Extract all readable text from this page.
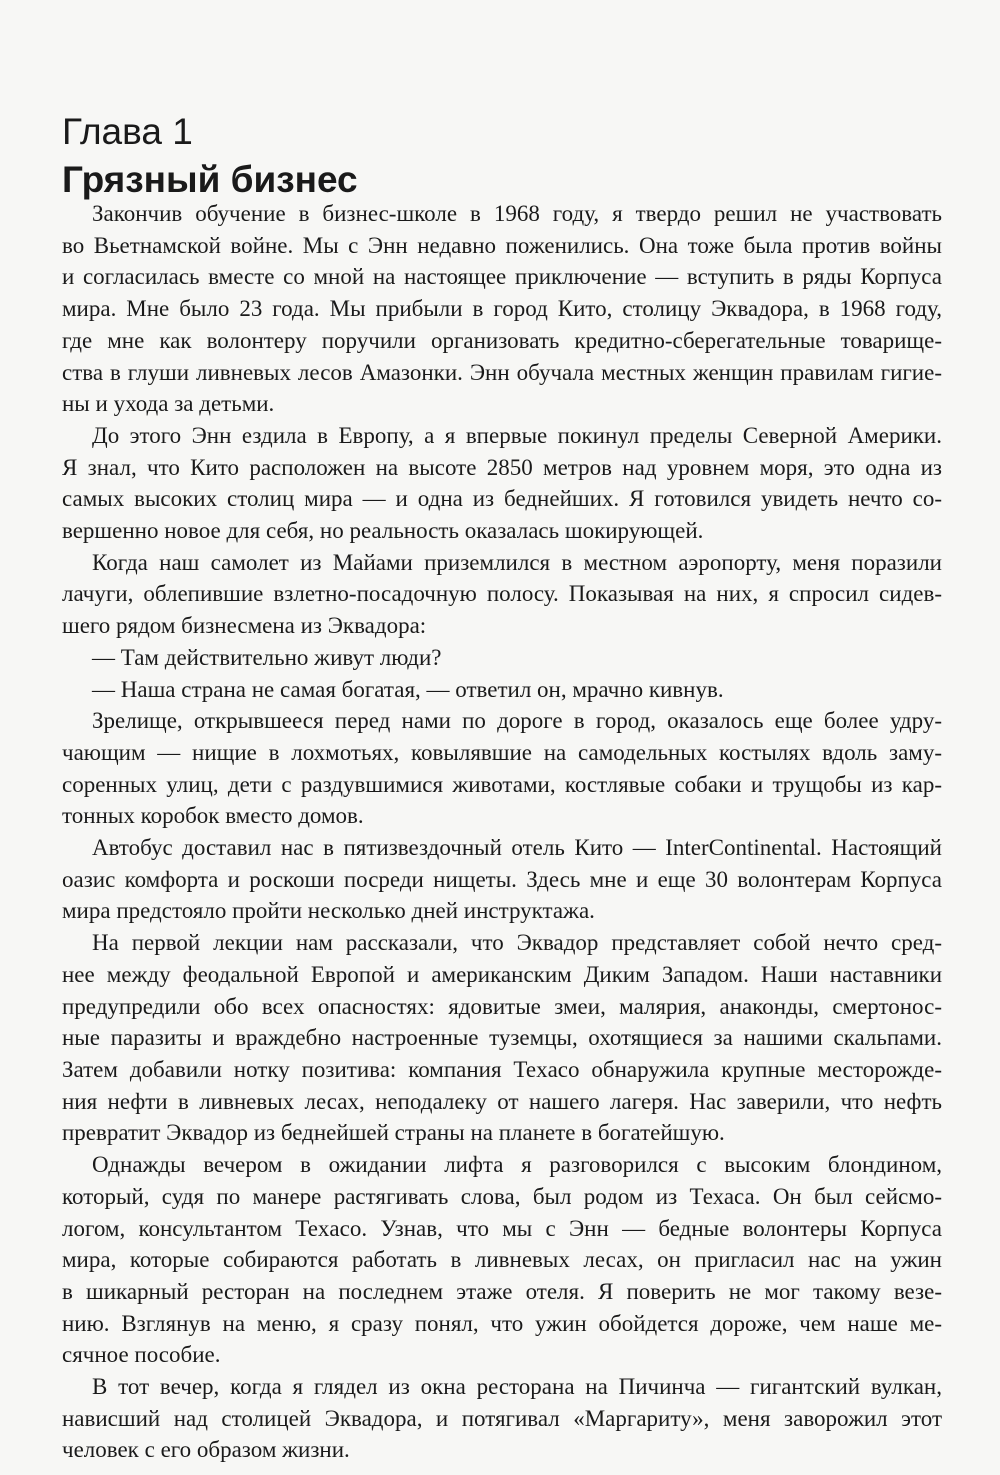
Глава 1
Грязный бизнес
Закончив обучение в бизнес-школе в 1968 году, я твердо решил не участвовать
во Вьетнамской войне. Мы с Энн недавно поженились. Она тоже была против войны
и согласилась вместе со мной на настоящее приключение — вступить в ряды Корпуса
мира. Мне было 23 года. Мы прибыли в город Кито, столицу Эквадора, в 1968 году,
где мне как волонтеру поручили организовать кредитно-сберегательные товарище-
ства в глуши ливневых лесов Амазонки. Энн обучала местных женщин правилам гигие-
ны и ухода за детьми.
До этого Энн ездила в Европу, а я впервые покинул пределы Северной Америки.
Я знал, что Кито расположен на высоте 2850 метров над уровнем моря, это одна из
самых высоких столиц мира — и одна из беднейших. Я готовился увидеть нечто со-
вершенно новое для себя, но реальность оказалась шокирующей.
Когда наш самолет из Майами приземлился в местном аэропорту, меня поразили
лачуги, облепившие взлетно-посадочную полосу. Показывая на них, я спросил сидев-
шего рядом бизнесмена из Эквадора:
— Там действительно живут люди?
— Наша страна не самая богатая, — ответил он, мрачно кивнув.
Зрелище, открывшееся перед нами по дороге в город, оказалось еще более удру-
чающим — нищие в лохмотьях, ковылявшие на самодельных костылях вдоль заму-
соренных улиц, дети с раздувшимися животами, костлявые собаки и трущобы из кар-
тонных коробок вместо домов.
Автобус доставил нас в пятизвездочный отель Кито — InterContinental. Настоящий
оазис комфорта и роскоши посреди нищеты. Здесь мне и еще 30 волонтерам Корпуса
мира предстояло пройти несколько дней инструктажа.
На первой лекции нам рассказали, что Эквадор представляет собой нечто сред-
нее между феодальной Европой и американским Диким Западом. Наши наставники
предупредили обо всех опасностях: ядовитые змеи, малярия, анаконды, смертонос-
ные паразиты и враждебно настроенные туземцы, охотящиеся за нашими скальпами.
Затем добавили нотку позитива: компания Texaco обнаружила крупные месторожде-
ния нефти в ливневых лесах, неподалеку от нашего лагеря. Нас заверили, что нефть
превратит Эквадор из беднейшей страны на планете в богатейшую.
Однажды вечером в ожидании лифта я разговорился с высоким блондином,
который, судя по манере растягивать слова, был родом из Техаса. Он был сейсмо-
логом, консультантом Texaco. Узнав, что мы с Энн — бедные волонтеры Корпуса
мира, которые собираются работать в ливневых лесах, он пригласил нас на ужин
в шикарный ресторан на последнем этаже отеля. Я поверить не мог такому везе-
нию. Взглянув на меню, я сразу понял, что ужин обойдется дороже, чем наше ме-
сячное пособие.
В тот вечер, когда я глядел из окна ресторана на Пичинча — гигантский вулкан,
нависший над столицей Эквадора, и потягивал «Маргариту», меня заворожил этот
человек с его образом жизни.
